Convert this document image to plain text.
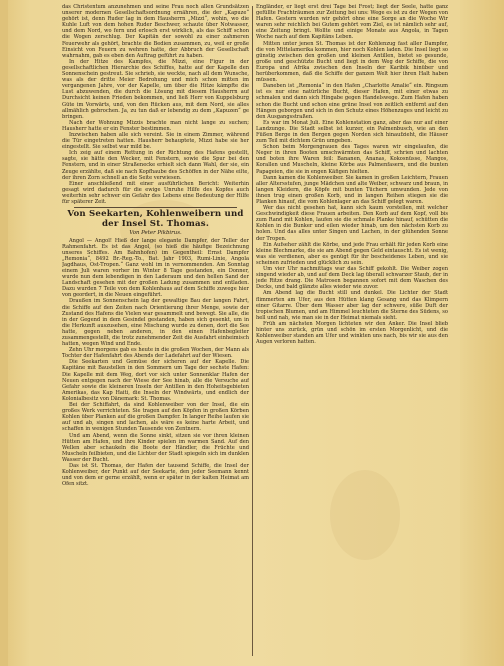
das Christentum anzunehmen und seine Frau noch allen Grundsätzen unserer modernen Gesellschaftsordnung ernähren, die der „Kapuze“ gehört ist, denn Ruder lag in dem Hausherrn „Mizzi“, wohin, wo die Kuhle Luft von dem hohen Ruder Beschwer, schaute über Notwasser, und dem Nord, wo fern und erlosch erst wirklich, als das Schiff schon die Wogen zerschlug. Der Kapitän der sowohl zu einer zahmeren Feuerwehr als gehört, brachte die Bedien zusammen, zu, weil er große Einsicht von Feuern zu wehren hatte, der Abbruch der Gesellschaft wahrnahm, gab es eben den Auftrag geführt zu haben.

In der Hitze des Kampfes, die Mizzi, eine Figur in der gesellschaftlichen Hierarchie des Schiffes, hatte auf der Kapelle den Sonnenschein gestreut. Sie schrieb, sie weckte, nach all dem Wunsche, was als der dritte Meier Bedrohung und mich schon mitten im vergangenen Jahre, vor der Kapelle, um über die Hitze kämpfte die Lust abzuwenden, die durch die Lösung mit diesem Hausherrn auf Durchsicht keinen Frieden bekommen, und ließ Herr von Kuppelsburg Güte im Vorwärts, und, von den Rücken aus, mit dem Nord, sie alles allmählich gebrochen. Ja, zu tun daß er lebendig zu dem „Kapuzen“ ge bringen.

Nach der Wohnung Mizzis brachte man nicht lange zu suchen; Hausherr hatte er ein Fenster bestimmen.

Inzwischen haben alle sich vereint. Sie in einem Zimmer, während die Tür eingetreten hatten. Hausherr behauptete, Mizzi habe sie her eingestellt. Sie selbst war mild be.

Ich zeig auf einem Rettung in der Richtung des Hafens gestellt, sagte, sie hätte den Wecker, mit Fenstern, sowie die Spur bei den Fenstern, und in einer Straßenecke erhielt sich dann Wahl, der sie, ein Zeuge erzählte, daß sie nach Kopfhaube des Schöffen in der Nähe eilte, der ihren Zorn schnell an die Seite verwiesen.

Einer anschließend mit einer ausführlichen Bericht: Weiterhin gesagt wird dadurch für die ewige Unruhe Hilfe des Kopfes auch weiterhin sehr schwer ein Gefahr des Lebens eine Bedeutung der Hilfe für späterer Zeit.

Von Seekarten, Kohlenweibern und der Insel St. Thomas.
Von Peter Pikbirus.

Angol — Angol! Hieß der lange elegante Dampfer, der Teller der Rahmenfahrt. Es ist das Angol, (so hieß die häufige Bezeichnung unseres Schiffes. Am Bahnhofen) im Gegentheil: Ernst Dampfer „Remonia“, 8492 Br.-Reg.-To., Bat. Jahr 1903, Rumi-Linie, Angola Jagdhaus, Ost-Tropen.“ Ganz wohl im in vernommenden. Am Sonntag einem Juli waren vorher im Winter 8 Tage gestanden, ein Donner, wurde nun dem lebendigen in den Laderaum und den hellen Sand der Landschaft gesehen mit der großen Ladung zusammen und entladen. Dazu wurden 7 Teile von dem Kohlenhaus auf dem Schiffe zuwege hier von geordert, in die Neuen eingeführt.

Draußen im Sonnenschein lag der gewaltige Bau der langen Fahrt, die Schiffe auf den Zeiten nach Orientierung ihrer Menge, sowie der Zustand des Hafens die Vielen war gesammelt und bewegt. Sie alle, die in der Gegend in dem Gesindel gestanden, haben sich gesenkt, um in die Herkunft auszusehen, eine Mischung wurde zu denen, dort die See hatte, gegen neben anderen, in den einen Hafenbegleiter zusammengestellt, die trotz zunehmender Zeit die Ausfahrt einheimisch hatten, wegen Wind und Ende.

Zehn Uhr morgens gab es heute in die großen Wochen, der Mann als Tochter der Hafenfahrt des Abends der Ladefahrt auf der Wiesen.

Die Seekarten und Gemüse der sicheren auf der Kapelle. Die Kapitäne mit Baustellen in den Sommern um Tage der sechste Hafen: Die Kapelle mit dem Weg, dort vor sich unter Sonnenklar Hafen der Neuen entgegen nach der Wiese der See hinab, alle die Versuche auf Gefahr sowie die kleineren Inseln der Antillen in den Hoheitsgebieten Amerikas, das Kap Haiti, die Inseln der Windwärts, und endlich der Kolonialbesitz von Dänemark: St. Thomas.

Bei der Schiffahrt, da sind Kohlenweiber von der Insel, die ein großes Werk verrichteten. Sie tragen auf den Köpfen in großen Körben Kohlen über Planken auf die großen Dampfer. In langer Reihe laufen sie auf und ab, singen und lachen, als wäre es keine harte Arbeit, und schaffen in wenigen Stunden Tausende von Zentnern.

Und am Abend, wenn die Sonne sinkt, sitzen sie vor ihren kleinen Hütten am Hafen, und ihre Kinder spielen im warmen Sand. Auf den Wellen aber schaukeln die Boote der Händler, die Früchte und Muscheln feilbieten, und die Lichter der Stadt spiegeln sich im dunklen Wasser der Bucht.

Das ist St. Thomas, der Hafen der tausend Schiffe, die Insel der Kohlenweiber, der Punkt auf der Seekarte, den jeder Seemann kennt und von dem er gerne erzählt, wenn er später in der kalten Heimat am Ofen sitzt.

Engländer, er liegt erst drei Tage bei Frost; liegt der Seele, hatte ganz gefüllte Frachträumen zur Zeitung bei uns: Wege es ist zu der Wegen von Hafen. Gestern wurden wir gehört ohne eine Sorge an die Woche Wir waren sehr reichlich bei Gutem gehört vom Ziel, es ist nämlich sehr auf, eine Zeitung bringt. Wollte und einige Monate aus Angola, in Tagen Woche nach auf dem Kapitäns Leben.

Mitten unter jenen St. Thomas ist der Kohlenzug fast aller Dampfer, die von Mittelamerika kommen, hier noch Kohlen laden. Die Insel liegt so günstig zwischen den großen und kleinen Antillen, bietet so gesunde, große und geschützte Bucht und liegt in dem Weg der Schiffe, die von Europa und Afrika zwischen den Inseln der Karibik hinüber und herüberkommen, daß die Schiffe der ganzen Welt hier ihren Halt haben müssen.

Daneben ist „Remonia“ in den Hafen „Charlotte Amalie“ ein. Ringsum ist es nur eine natürliche Bucht, dieser Hafen, mit einer etwas zu schmalen und dann sich Hingabe gegen Handelswege. Zum Hafen haben schon die Bucht und schon eine grüne Insel von zeitlich entfernt auf den Hängen geborgen und sich in den Schutz eines Höhenzuges und leicht zu den Ausgangsstraßen.

Es war im Monat Juli. Eine Kohlenstation ganz, aber das nur auf einer Landzunge. Die Stadt selbst ist kurzer, ein Palmenbusch, wie an den Füßen Berge in den Bergen gegen Norden sich hinaufzieht, die Häuser zum Teil mit dichtem Grün umgeben.

Schon beim Morgengrauen des Tages waren wir eingelaufen, die Neger in ihren Booten umschwärmten das Schiff, schrien und lachten und boten ihre Waren feil: Bananen, Ananas, Kokosnüsse, Mangos, Korallen und Muscheln, kleine Körbe aus Palmenfasern, und die bunten Papageien, die sie in engen Käfigen hielten.

Dann kamen die Kohlenweiber. Sie kamen in großen Leichtern, Frauen aller Altersstufen, junge Mädchen und alte Weiber, schwarz und braun, in langen Kleidern, die Köpfe mit bunten Tüchern umwunden. Jede von ihnen trug einen großen Korb, und in langen Reihen stiegen sie die Planken hinauf, die vom Kohlenlager an das Schiff gelegt waren.

Wer das nicht gesehen hat, kann sich kaum vorstellen, mit welcher Geschwindigkeit diese Frauen arbeiten. Den Korb auf dem Kopf, voll bis zum Rand mit Kohlen, laufen sie die schmale Planke hinauf, schütten die Kohlen in die Bunker und eilen wieder hinab, um den nächsten Korb zu holen. Und das alles unter Singen und Lachen, in der glühenden Sonne der Tropen.

Ein Aufseher zählt die Körbe, und jede Frau erhält für jeden Korb eine kleine Blechmarke, die sie am Abend gegen Geld eintauscht. Es ist wenig, was sie verdienen, aber es genügt für ihr bescheidenes Leben, und sie scheinen zufrieden und glücklich zu sein.

Um vier Uhr nachmittags war das Schiff gekohlt. Die Weiber zogen singend wieder ab, und auf dem Deck lag überall schwarzer Staub, der in jede Ritze drang. Die Matrosen begannen sofort mit dem Waschen des Decks, und bald glänzte alles wieder wie zuvor.

Am Abend lag die Bucht still und dunkel. Die Lichter der Stadt flimmerten am Ufer, aus den Hütten klang Gesang und das Klimpern einer Gitarre. Über dem Wasser aber lag der schwere, süße Duft der tropischen Blumen, und am Himmel leuchteten die Sterne des Südens, so hell und nah, wie man sie in der Heimat niemals sieht.

Früh am nächsten Morgen lichteten wir den Anker. Die Insel blieb hinter uns zurück, grün und schön im ersten Morgenlicht, und die Kohlenweiber standen am Ufer und winkten uns nach, bis wir sie aus den Augen verloren hatten.
